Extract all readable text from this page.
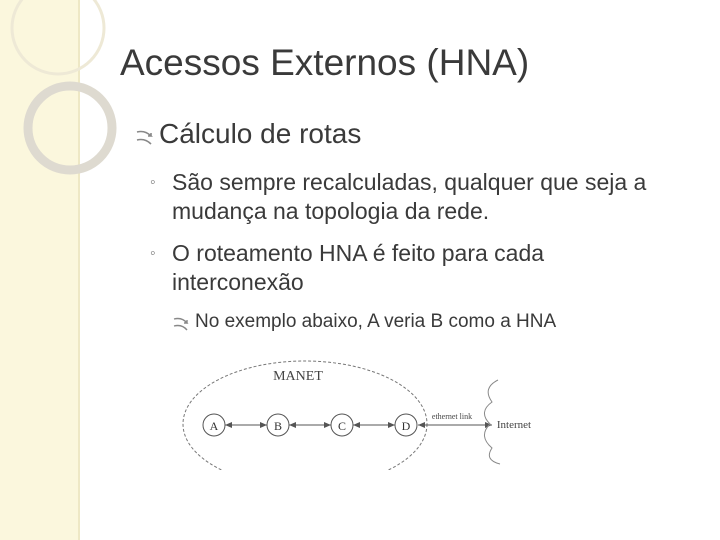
Acessos Externos (HNA)
Cálculo de rotas
◦ São sempre recalculadas, qualquer que seja a mudança na topologia da rede.
◦ O roteamento HNA é feito para cada interconexão
No exemplo abaixo, A veria B como a HNA
MANET
A	B	C	D
ethernet link
Internet
